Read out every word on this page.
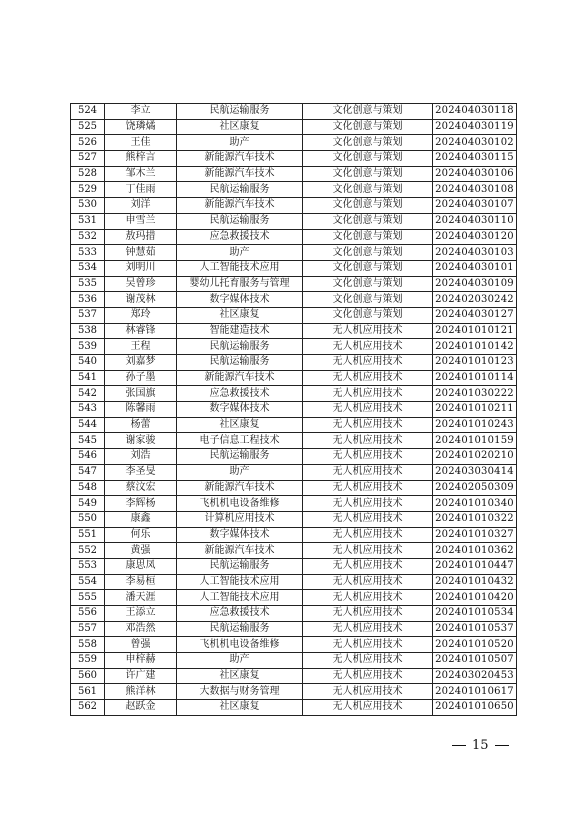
524	李立	民航运输服务	文化创意与策划	202404030118
525	饶璘燏	社区康复	文化创意与策划	202404030119
526	王佳	助产	文化创意与策划	202404030102
527	熊梓言	新能源汽车技术	文化创意与策划	202404030115
528	邹木兰	新能源汽车技术	文化创意与策划	202404030106
529	丁佳雨	民航运输服务	文化创意与策划	202404030108
530	刘洋	新能源汽车技术	文化创意与策划	202404030107
531	申雪兰	民航运输服务	文化创意与策划	202404030110
532	敖玛措	应急救援技术	文化创意与策划	202404030120
533	钟慧茹	助产	文化创意与策划	202404030103
534	刘明川	人工智能技术应用	文化创意与策划	202404030101
535	吴曾珍	婴幼儿托育服务与管理	文化创意与策划	202404030109
536	谢茂林	数字媒体技术	文化创意与策划	202402030242
537	郑玲	社区康复	文化创意与策划	202404030127
538	林睿锋	智能建造技术	无人机应用技术	202401010121
539	王程	民航运输服务	无人机应用技术	202401010142
540	刘嘉梦	民航运输服务	无人机应用技术	202401010123
541	孙子墨	新能源汽车技术	无人机应用技术	202401010114
542	张国旗	应急救援技术	无人机应用技术	202401030222
543	陈馨雨	数字媒体技术	无人机应用技术	202401010211
544	杨蕾	社区康复	无人机应用技术	202401010243
545	谢家骏	电子信息工程技术	无人机应用技术	202401010159
546	刘浩	民航运输服务	无人机应用技术	202401020210
547	李圣旻	助产	无人机应用技术	202403030414
548	蔡汶宏	新能源汽车技术	无人机应用技术	202402050309
549	李辉杨	飞机机电设备维修	无人机应用技术	202401010340
550	康鑫	计算机应用技术	无人机应用技术	202401010322
551	何乐	数字媒体技术	无人机应用技术	202401010327
552	黄强	新能源汽车技术	无人机应用技术	202401010362
553	康思凤	民航运输服务	无人机应用技术	202401010447
554	李易桓	人工智能技术应用	无人机应用技术	202401010432
555	潘天涯	人工智能技术应用	无人机应用技术	202401010420
556	王添立	应急救援技术	无人机应用技术	202401010534
557	邓浩然	民航运输服务	无人机应用技术	202401010537
558	曾强	飞机机电设备维修	无人机应用技术	202401010520
559	申梓赫	助产	无人机应用技术	202401010507
560	许广建	社区康复	无人机应用技术	202403020453
561	熊洋林	大数据与财务管理	无人机应用技术	202401010617
562	赵跃金	社区康复	无人机应用技术	202401010650
15
